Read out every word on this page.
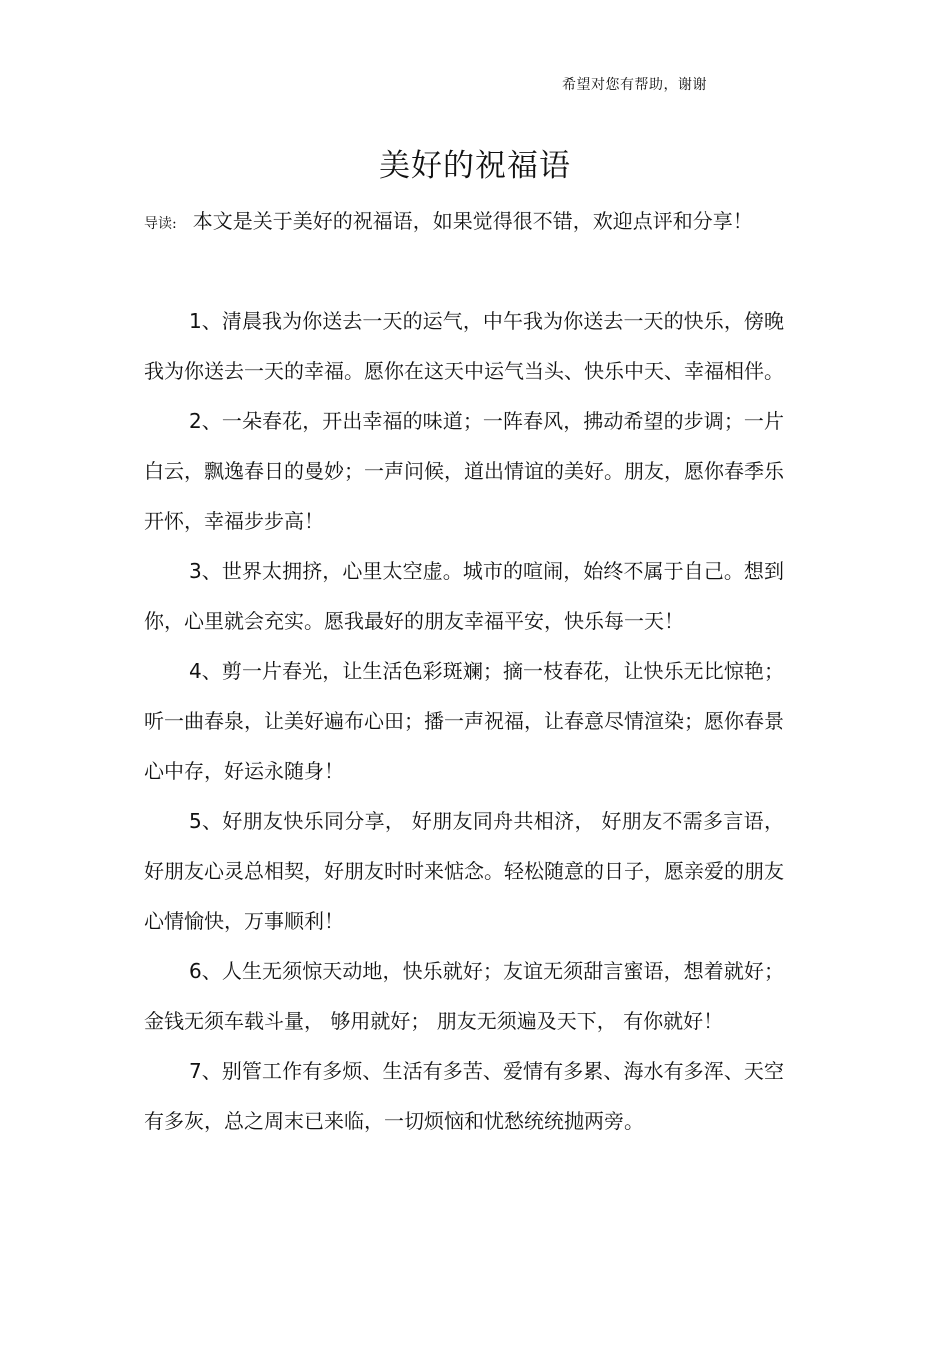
希望对您有帮助，谢谢
美好的祝福语
导读: 本文是关于美好的祝福语，如果觉得很不错，欢迎点评和分享！

1、清晨我为你送去一天的运气，中午我为你送去一天的快乐，傍晚我为你送去一天的幸福。愿你在这天中运气当头、快乐中天、幸福相伴。

2、一朵春花，开出幸福的味道；一阵春风，拂动希望的步调；一片白云，飘逸春日的曼妙；一声问候，道出情谊的美好。朋友，愿你春季乐开怀，幸福步步高！

3、世界太拥挤，心里太空虚。城市的喧闹，始终不属于自己。想到你，心里就会充实。愿我最好的朋友幸福平安，快乐每一天！

4、剪一片春光，让生活色彩斑斓；摘一枝春花，让快乐无比惊艳；听一曲春泉，让美好遍布心田；播一声祝福，让春意尽情渲染；愿你春景心中存，好运永随身！

5、好朋友快乐同分享， 好朋友同舟共相济， 好朋友不需多言语，好朋友心灵总相契，好朋友时时来惦念。轻松随意的日子，愿亲爱的朋友心情愉快，万事顺利！

6、人生无须惊天动地，快乐就好；友谊无须甜言蜜语，想着就好；金钱无须车载斗量， 够用就好； 朋友无须遍及天下， 有你就好！

7、别管工作有多烦、生活有多苦、爱情有多累、海水有多浑、天空有多灰，总之周末已来临，一切烦恼和忧愁统统抛两旁。
